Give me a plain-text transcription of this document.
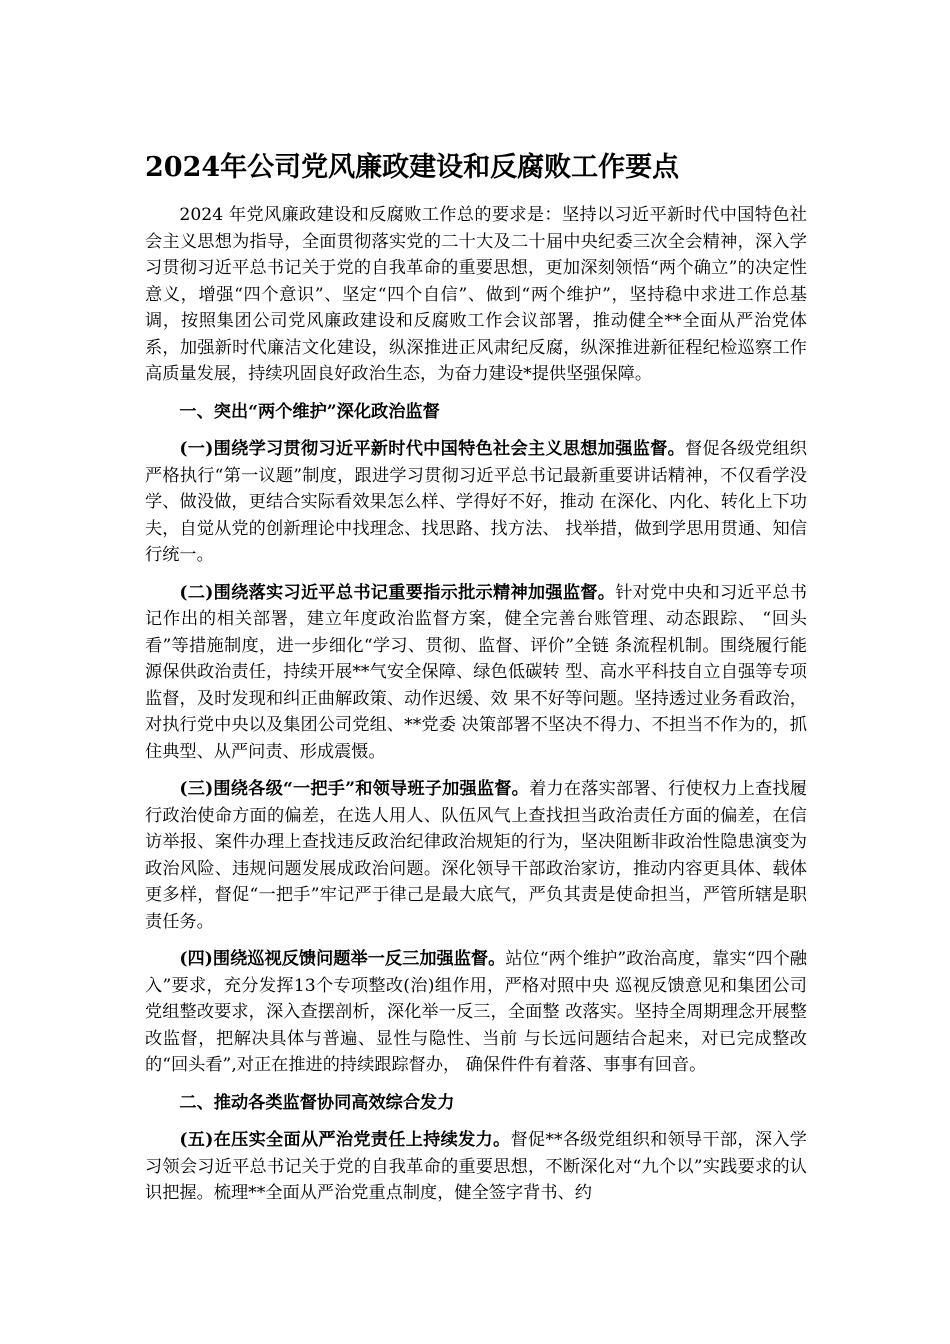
2024年公司党风廉政建设和反腐败工作要点

2024 年党风廉政建设和反腐败工作总的要求是：坚持以习近平新时代中国特色社会主义思想为指导，全面贯彻落实党的二十大及二十届中央纪委三次全会精神，深入学习贯彻习近平总书记关于党的自我革命的重要思想，更加深刻领悟“两个确立”的决定性意义，增强“四个意识”、坚定“四个自信”、做到“两个维护”，坚持稳中求进工作总基调，按照集团公司党风廉政建设和反腐败工作会议部署，推动健全**全面从严治党体系，加强新时代廉洁文化建设，纵深推进正风肃纪反腐，纵深推进新征程纪检巡察工作高质量发展，持续巩固良好政治生态，为奋力建设*提供坚强保障。

一、突出“两个维护”深化政治监督

(一)围绕学习贯彻习近平新时代中国特色社会主义思想加强监督。督促各级党组织严格执行“第一议题”制度，跟进学习贯彻习近平总书记最新重要讲话精神，不仅看学没学、做没做，更结合实际看效果怎么样、学得好不好，推动 在深化、内化、转化上下功夫，自觉从党的创新理论中找理念、找思路、找方法、 找举措，做到学思用贯通、知信行统一。

(二)围绕落实习近平总书记重要指示批示精神加强监督。针对党中央和习近平总书记作出的相关部署，建立年度政治监督方案，健全完善台账管理、动态跟踪、 “回头看”等措施制度，进一步细化“学习、贯彻、监督、评价”全链 条流程机制。围绕履行能源保供政治责任，持续开展**气安全保障、绿色低碳转 型、高水平科技自立自强等专项监督，及时发现和纠正曲解政策、动作迟缓、效 果不好等问题。坚持透过业务看政治，对执行党中央以及集团公司党组、**党委 决策部署不坚决不得力、不担当不作为的，抓住典型、从严问责、形成震慑。

(三)围绕各级“一把手”和领导班子加强监督。着力在落实部署、行使权力上查找履行政治使命方面的偏差，在选人用人、队伍风气上查找担当政治责任方面的偏差，在信访举报、案件办理上查找违反政治纪律政治规矩的行为，坚决阻断非政治性隐患演变为政治风险、违规问题发展成政治问题。深化领导干部政治家访，推动内容更具体、载体更多样，督促“一把手”牢记严于律己是最大底气，严负其责是使命担当，严管所辖是职责任务。

(四)围绕巡视反馈问题举一反三加强监督。站位“两个维护”政治高度，靠实“四个融入”要求，充分发挥13个专项整改(治)组作用，严格对照中央 巡视反馈意见和集团公司党组整改要求，深入查摆剖析，深化举一反三，全面整 改落实。坚持全周期理念开展整改监督，把解决具体与普遍、显性与隐性、当前 与长远问题结合起来，对已完成整改的“回头看”,对正在推进的持续跟踪督办， 确保件件有着落、事事有回音。

二、推动各类监督协同高效综合发力

(五)在压实全面从严治党责任上持续发力。督促**各级党组织和领导干部，深入学习领会习近平总书记关于党的自我革命的重要思想，不断深化对“九个以”实践要求的认识把握。梳理**全面从严治党重点制度，健全签字背书、约
